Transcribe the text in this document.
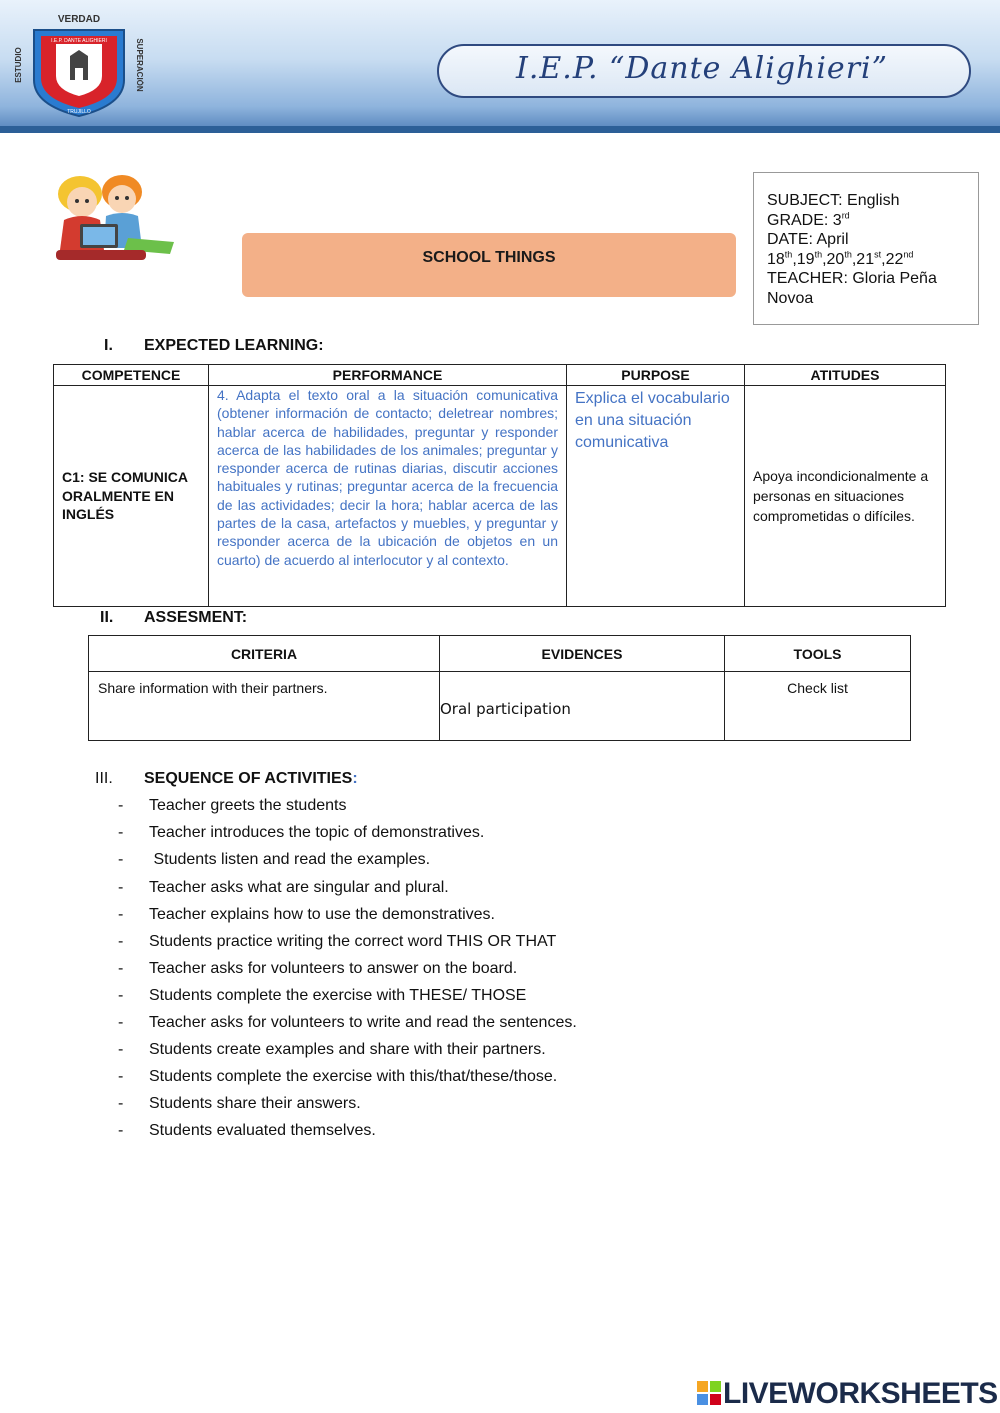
VERDAD
ESTUDIO	SUPERACIÓN
I.E.P. DANTE ALIGHIERI
TRUJILLO
I.E.P. “Dante Alighieri”
SCHOOL THINGS
SUBJECT: English
GRADE: 3rd
DATE: April
18th,19th,20th,21st,22nd
TEACHER: Gloria Peña Novoa
I. EXPECTED LEARNING:
COMPETENCE	PERFORMANCE	PURPOSE	ATITUDES
C1: SE COMUNICA ORALMENTE EN INGLÉS	4. Adapta el texto oral a la situación comunicativa (obtener información de contacto; deletrear nombres; hablar acerca de habilidades, preguntar y responder acerca de las habilidades de los animales; preguntar y responder acerca de rutinas diarias, discutir acciones habituales y rutinas; preguntar acerca de la frecuencia de las actividades; decir la hora; hablar acerca de las partes de la casa, artefactos y muebles, y preguntar y responder acerca de la ubicación de objetos en un cuarto) de acuerdo al interlocutor y al contexto.	Explica el vocabulario en una situación comunicativa	Apoya incondicionalmente a personas en situaciones comprometidas o difíciles.
II. ASSESMENT:
CRITERIA	EVIDENCES	TOOLS
Share information with their partners.	Oral participation	Check list
III. SEQUENCE OF ACTIVITIES:
- Teacher greets the students
- Teacher introduces the topic of demonstratives.
- Students listen and read the examples.
- Teacher asks what are singular and plural.
- Teacher explains how to use the demonstratives.
- Students practice writing the correct word THIS OR THAT
- Teacher asks for volunteers to answer on the board.
- Students complete the exercise with THESE/ THOSE
- Teacher asks for volunteers to write and read the sentences.
- Students create examples and share with their partners.
- Students complete the exercise with this/that/these/those.
- Students share their answers.
- Students evaluated themselves.
LIVEWORKSHEETS
